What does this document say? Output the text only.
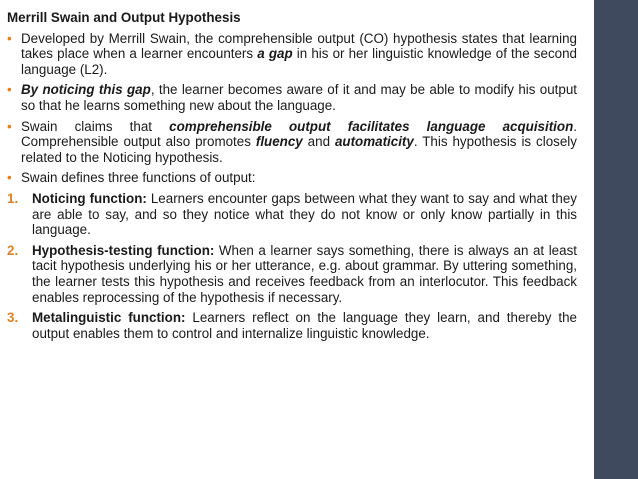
Merrill Swain and Output Hypothesis
• Developed by Merrill Swain, the comprehensible output (CO) hypothesis states that learning takes place when a learner encounters a gap in his or her linguistic knowledge of the second language (L2).
• By noticing this gap, the learner becomes aware of it and may be able to modify his output so that he learns something new about the language.
• Swain claims that comprehensible output facilitates language acquisition. Comprehensible output also promotes fluency and automaticity. This hypothesis is closely related to the Noticing hypothesis.
• Swain defines three functions of output:
1. Noticing function: Learners encounter gaps between what they want to say and what they are able to say, and so they notice what they do not know or only know partially in this language.
2. Hypothesis-testing function: When a learner says something, there is always an at least tacit hypothesis underlying his or her utterance, e.g. about grammar. By uttering something, the learner tests this hypothesis and receives feedback from an interlocutor. This feedback enables reprocessing of the hypothesis if necessary.
3. Metalinguistic function: Learners reflect on the language they learn, and thereby the output enables them to control and internalize linguistic knowledge.
